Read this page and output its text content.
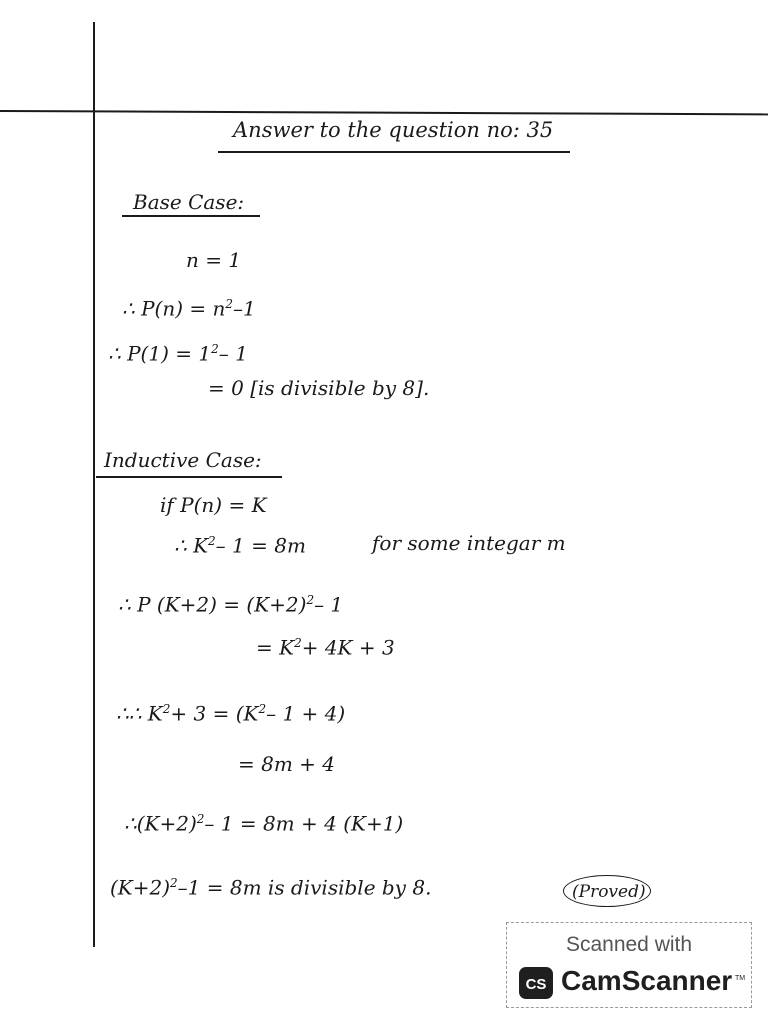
Answer to the question no: 35
Base Case:
n = 1
∴ $P(n) = n^2-1$
∴ $P(1) = 1^2-$ 1
= 0 [is divisible by 8].
Inductive Case:
if P(n) = K
∴ $K^2-$ 1 = 8m	for some integar m
∴ P $(K+2) = (K+2)^2-$ 1
= $K^2+ 4K + 3$
∴∴ $K^2+ 3 = (K^2-$ 1 + 4)
= 8m + 4
$\therefore(K+2)^2-$ 1 = 8m + 4 (K+1)
$(K+2)^2-1 = 8m$ is divisible by 8.	(Proved)
Scanned with
CS CamScanner TM
